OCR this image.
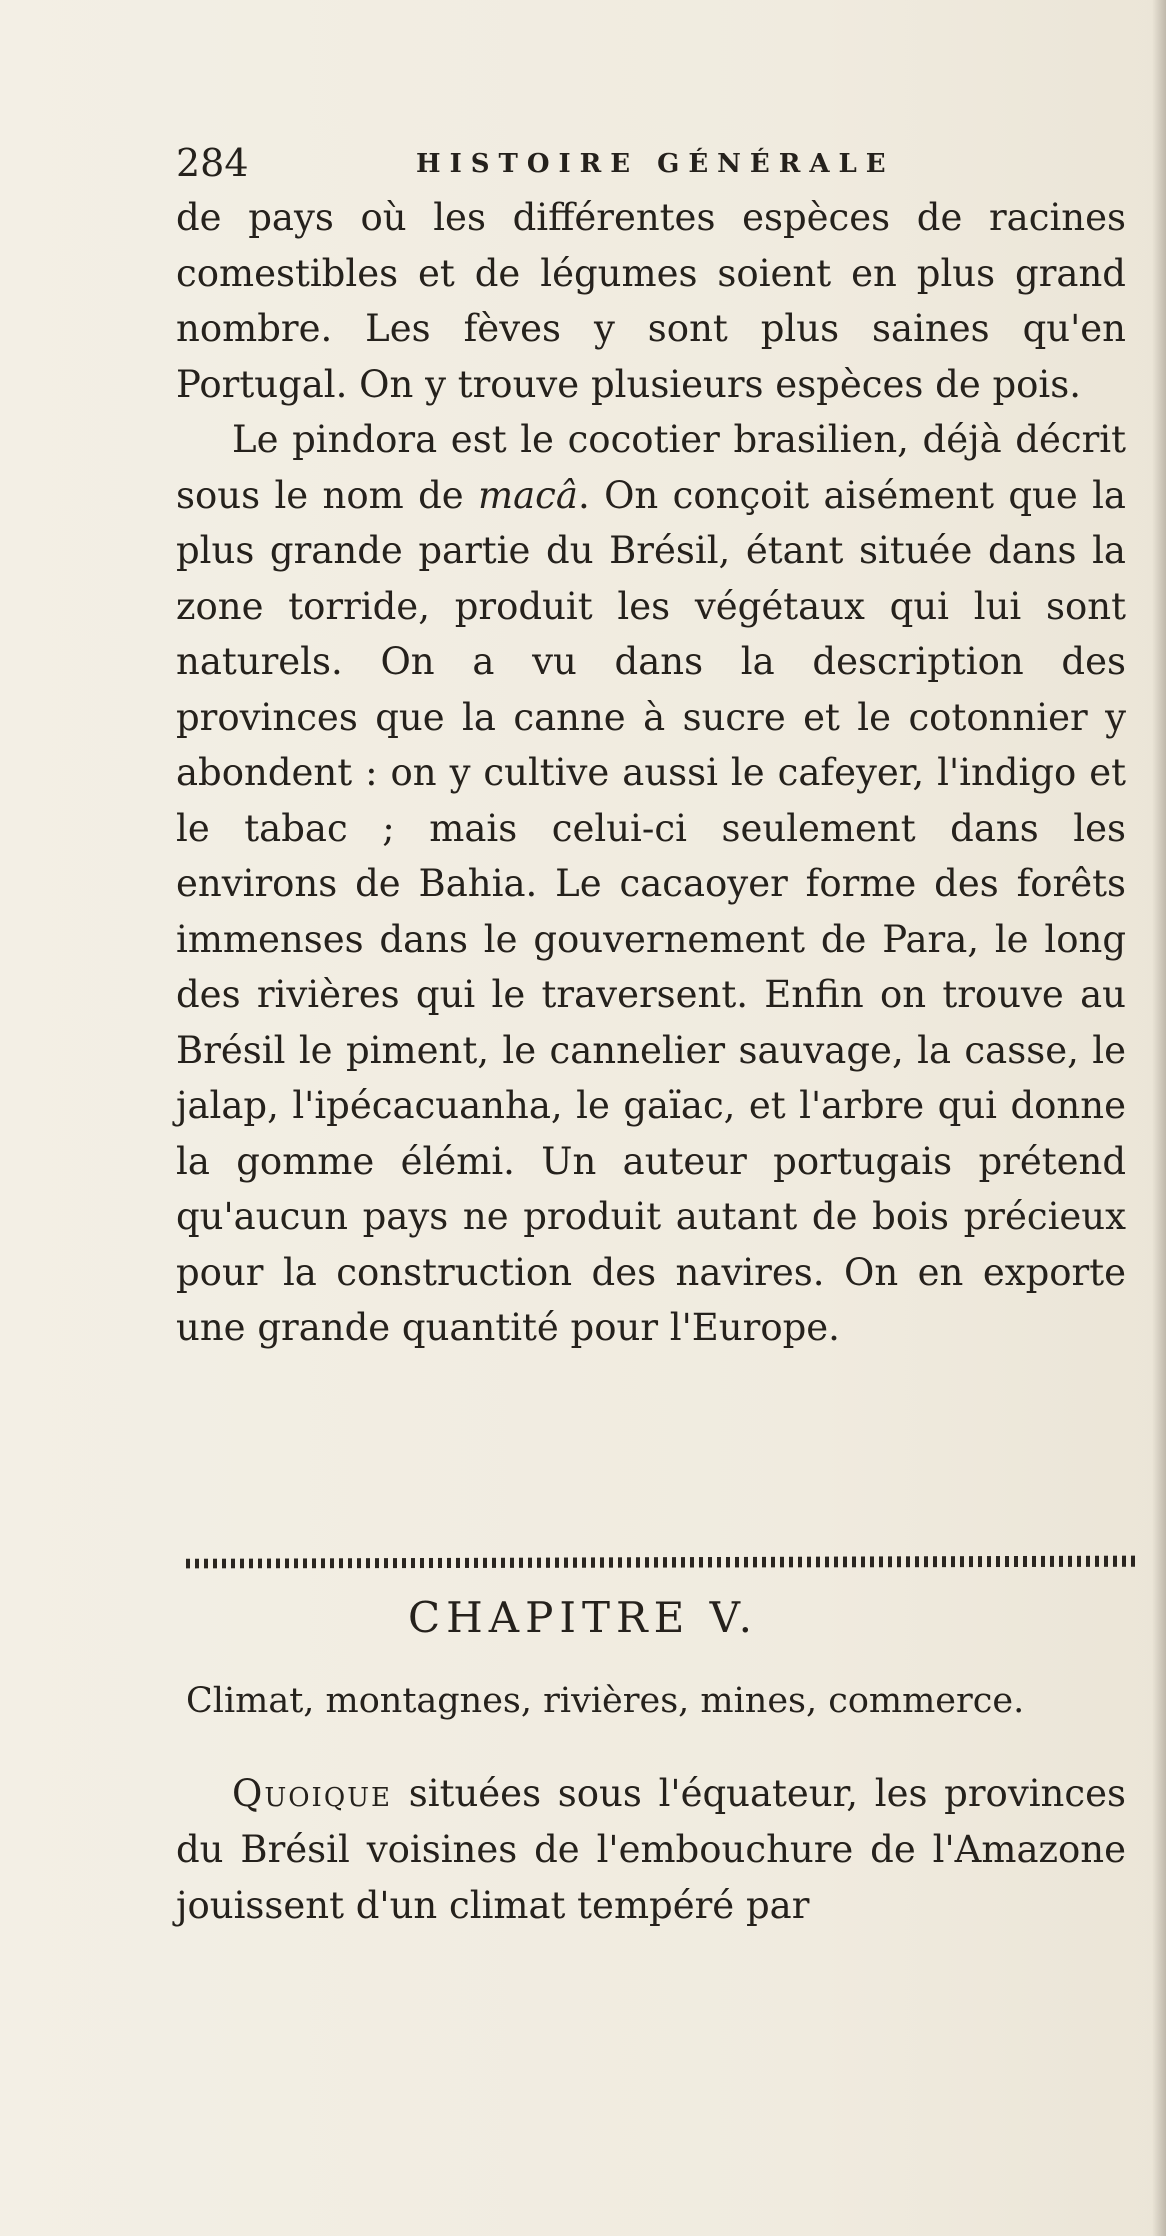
284	HISTOIRE GÉNÉRALE

de pays où les différentes espèces de racines comestibles et de légumes soient en plus grand nombre. Les fèves y sont plus saines qu'en Portugal. On y trouve plusieurs espèces de pois.

Le pindora est le cocotier brasilien, déjà décrit sous le nom de macâ. On conçoit aisément que la plus grande partie du Brésil, étant située dans la zone torride, produit les végétaux qui lui sont naturels. On a vu dans la description des provinces que la canne à sucre et le cotonnier y abondent : on y cultive aussi le cafeyer, l'indigo et le tabac ; mais celui-ci seulement dans les environs de Bahia. Le cacaoyer forme des forêts immenses dans le gouvernement de Para, le long des rivières qui le traversent. Enfin on trouve au Brésil le piment, le cannelier sauvage, la casse, le jalap, l'ipécacuanha, le gaïac, et l'arbre qui donne la gomme élémi. Un auteur portugais prétend qu'aucun pays ne produit autant de bois précieux pour la construction des navires. On en exporte une grande quantité pour l'Europe.

CHAPITRE V.
Climat, montagnes, rivières, mines, commerce.

Quoique situées sous l'équateur, les provinces du Brésil voisines de l'embouchure de l'Amazone jouissent d'un climat tempéré par
